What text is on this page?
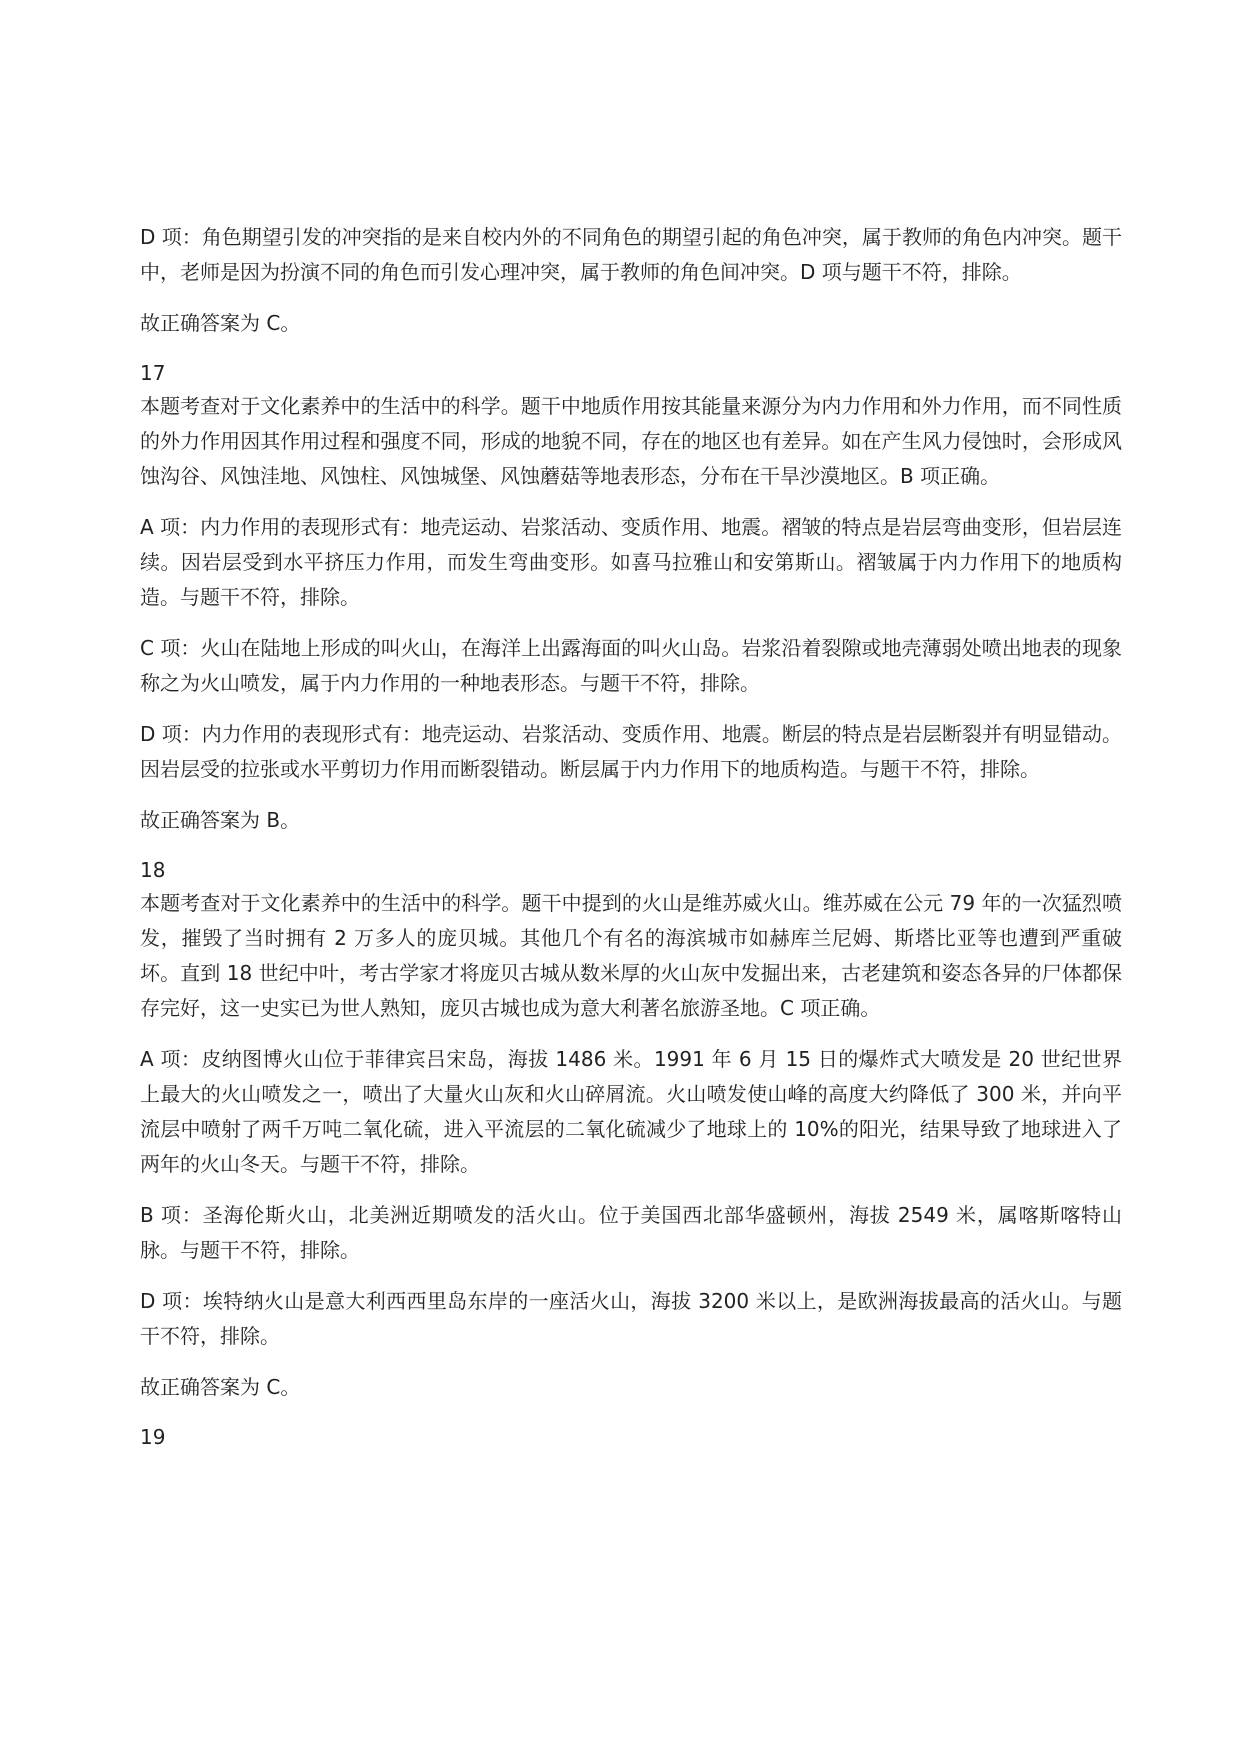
D 项：角色期望引发的冲突指的是来自校内外的不同角色的期望引起的角色冲突，属于教师的角色内冲突。题干中，老师是因为扮演不同的角色而引发心理冲突，属于教师的角色间冲突。D 项与题干不符，排除。

故正确答案为 C。

17

本题考查对于文化素养中的生活中的科学。题干中地质作用按其能量来源分为内力作用和外力作用，而不同性质的外力作用因其作用过程和强度不同，形成的地貌不同，存在的地区也有差异。如在产生风力侵蚀时，会形成风蚀沟谷、风蚀洼地、风蚀柱、风蚀城堡、风蚀蘑菇等地表形态，分布在干旱沙漠地区。B 项正确。

A 项：内力作用的表现形式有：地壳运动、岩浆活动、变质作用、地震。褶皱的特点是岩层弯曲变形，但岩层连续。因岩层受到水平挤压力作用，而发生弯曲变形。如喜马拉雅山和安第斯山。褶皱属于内力作用下的地质构造。与题干不符，排除。

C 项：火山在陆地上形成的叫火山，在海洋上出露海面的叫火山岛。岩浆沿着裂隙或地壳薄弱处喷出地表的现象称之为火山喷发，属于内力作用的一种地表形态。与题干不符，排除。

D 项：内力作用的表现形式有：地壳运动、岩浆活动、变质作用、地震。断层的特点是岩层断裂并有明显错动。因岩层受的拉张或水平剪切力作用而断裂错动。断层属于内力作用下的地质构造。与题干不符，排除。

故正确答案为 B。

18

本题考查对于文化素养中的生活中的科学。题干中提到的火山是维苏威火山。维苏威在公元 79 年的一次猛烈喷发，摧毁了当时拥有 2 万多人的庞贝城。其他几个有名的海滨城市如赫库兰尼姆、斯塔比亚等也遭到严重破坏。直到 18 世纪中叶，考古学家才将庞贝古城从数米厚的火山灰中发掘出来，古老建筑和姿态各异的尸体都保存完好，这一史实已为世人熟知，庞贝古城也成为意大利著名旅游圣地。C 项正确。

A 项：皮纳图博火山位于菲律宾吕宋岛，海拔 1486 米。1991 年 6 月 15 日的爆炸式大喷发是 20 世纪世界上最大的火山喷发之一，喷出了大量火山灰和火山碎屑流。火山喷发使山峰的高度大约降低了 300 米，并向平流层中喷射了两千万吨二氧化硫，进入平流层的二氧化硫减少了地球上的 10%的阳光，结果导致了地球进入了两年的火山冬天。与题干不符，排除。

B 项：圣海伦斯火山，北美洲近期喷发的活火山。位于美国西北部华盛顿州，海拔 2549 米，属喀斯喀特山脉。与题干不符，排除。

D 项：埃特纳火山是意大利西西里岛东岸的一座活火山，海拔 3200 米以上，是欧洲海拔最高的活火山。与题干不符，排除。

故正确答案为 C。

19
